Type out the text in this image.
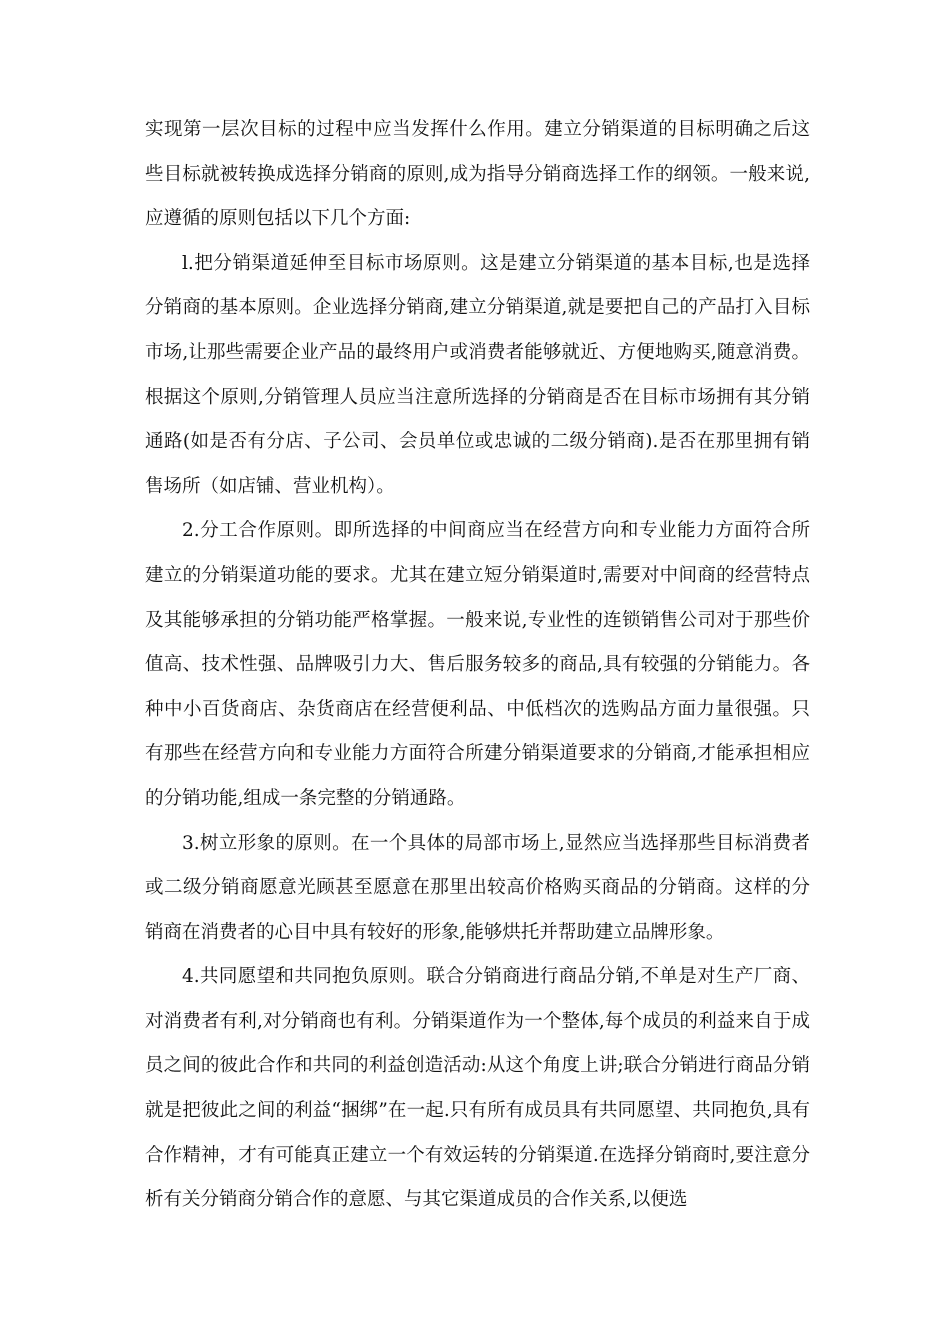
实现第一层次目标的过程中应当发挥什么作用。建立分销渠道的目标明确之后这些目标就被转换成选择分销商的原则,成为指导分销商选择工作的纲领。一般来说,应遵循的原则包括以下几个方面:

l.把分销渠道延伸至目标市场原则。这是建立分销渠道的基本目标,也是选择分销商的基本原则。企业选择分销商,建立分销渠道,就是要把自己的产品打入目标市场,让那些需要企业产品的最终用户或消费者能够就近、方便地购买,随意消费。根据这个原则,分销管理人员应当注意所选择的分销商是否在目标市场拥有其分销通路(如是否有分店、子公司、会员单位或忠诚的二级分销商).是否在那里拥有销售场所（如店铺、营业机构）。

2.分工合作原则。即所选择的中间商应当在经营方向和专业能力方面符合所建立的分销渠道功能的要求。尤其在建立短分销渠道时,需要对中间商的经营特点及其能够承担的分销功能严格掌握。一般来说,专业性的连锁销售公司对于那些价值高、技术性强、品牌吸引力大、售后服务较多的商品,具有较强的分销能力。各种中小百货商店、杂货商店在经营便利品、中低档次的选购品方面力量很强。只有那些在经营方向和专业能力方面符合所建分销渠道要求的分销商,才能承担相应的分销功能,组成一条完整的分销通路。

3.树立形象的原则。在一个具体的局部市场上,显然应当选择那些目标消费者或二级分销商愿意光顾甚至愿意在那里出较高价格购买商品的分销商。这样的分销商在消费者的心目中具有较好的形象,能够烘托并帮助建立品牌形象。

4.共同愿望和共同抱负原则。联合分销商进行商品分销,不单是对生产厂商、对消费者有利,对分销商也有利。分销渠道作为一个整体,每个成员的利益来自于成员之间的彼此合作和共同的利益创造活动:从这个角度上讲;联合分销进行商品分销就是把彼此之间的利益“捆绑”在一起.只有所有成员具有共同愿望、共同抱负,具有合作精神，才有可能真正建立一个有效运转的分销渠道.在选择分销商时,要注意分析有关分销商分销合作的意愿、与其它渠道成员的合作关系,以便选
